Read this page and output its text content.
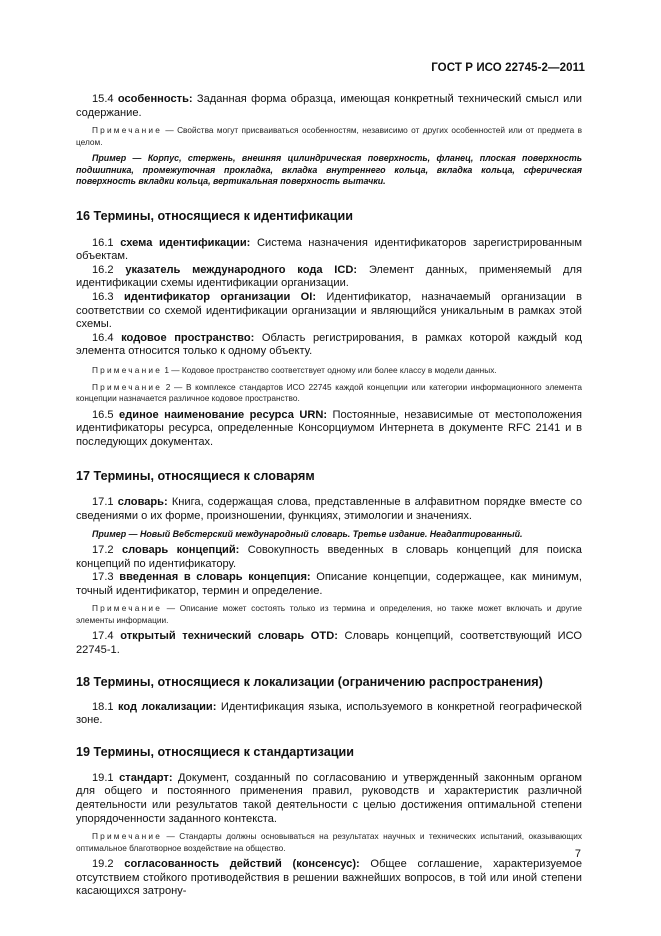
ГОСТ Р ИСО 22745-2—2011

15.4 особенность: Заданная форма образца, имеющая конкретный технический смысл или содержание.

Примечание — Свойства могут присваиваться особенностям, независимо от других особенностей или от предмета в целом.

Пример — Корпус, стержень, внешняя цилиндрическая поверхность, фланец, плоская поверхность подшипника, промежуточная прокладка, вкладка внутреннего кольца, вкладка кольца, сферическая поверхность вкладки кольца, вертикальная поверхность вытачки.

16 Термины, относящиеся к идентификации

16.1 схема идентификации: Система назначения идентификаторов зарегистрированным объектам.

16.2 указатель международного кода ICD: Элемент данных, применяемый для идентификации схемы идентификации организации.

16.3 идентификатор организации OI: Идентификатор, назначаемый организации в соответствии со схемой идентификации организации и являющийся уникальным в рамках этой схемы.

16.4 кодовое пространство: Область регистрирования, в рамках которой каждый код элемента относится только к одному объекту.

Примечание 1 — Кодовое пространство соответствует одному или более классу в модели данных.

Примечание 2 — В комплексе стандартов ИСО 22745 каждой концепции или категории информационного элемента концепции назначается различное кодовое пространство.

16.5 единое наименование ресурса URN: Постоянные, независимые от местоположения идентификаторы ресурса, определенные Консорциумом Интернета в документе RFC 2141 и в последующих документах.

17 Термины, относящиеся к словарям

17.1 словарь: Книга, содержащая слова, представленные в алфавитном порядке вместе со сведениями о их форме, произношении, функциях, этимологии и значениях.

Пример — Новый Вебстерский международный словарь. Третье издание. Неадаптированный.

17.2 словарь концепций: Совокупность введенных в словарь концепций для поиска концепций по идентификатору.

17.3 введенная в словарь концепция: Описание концепции, содержащее, как минимум, точный идентификатор, термин и определение.

Примечание — Описание может состоять только из термина и определения, но также может включать и другие элементы информации.

17.4 открытый технический словарь OTD: Словарь концепций, соответствующий ИСО 22745-1.

18 Термины, относящиеся к локализации (ограничению распространения)

18.1 код локализации: Идентификация языка, используемого в конкретной географической зоне.

19 Термины, относящиеся к стандартизации

19.1 стандарт: Документ, созданный по согласованию и утвержденный законным органом для общего и постоянного применения правил, руководств и характеристик различной деятельности или результатов такой деятельности с целью достижения оптимальной степени упорядоченности заданного контекста.

Примечание — Стандарты должны основываться на результатах научных и технических испытаний, оказывающих оптимальное благотворное воздействие на общество.

19.2 согласованность действий (консенсус): Общее соглашение, характеризуемое отсутствием стойкого противодействия в решении важнейших вопросов, в той или иной степени касающихся затрону-

7
